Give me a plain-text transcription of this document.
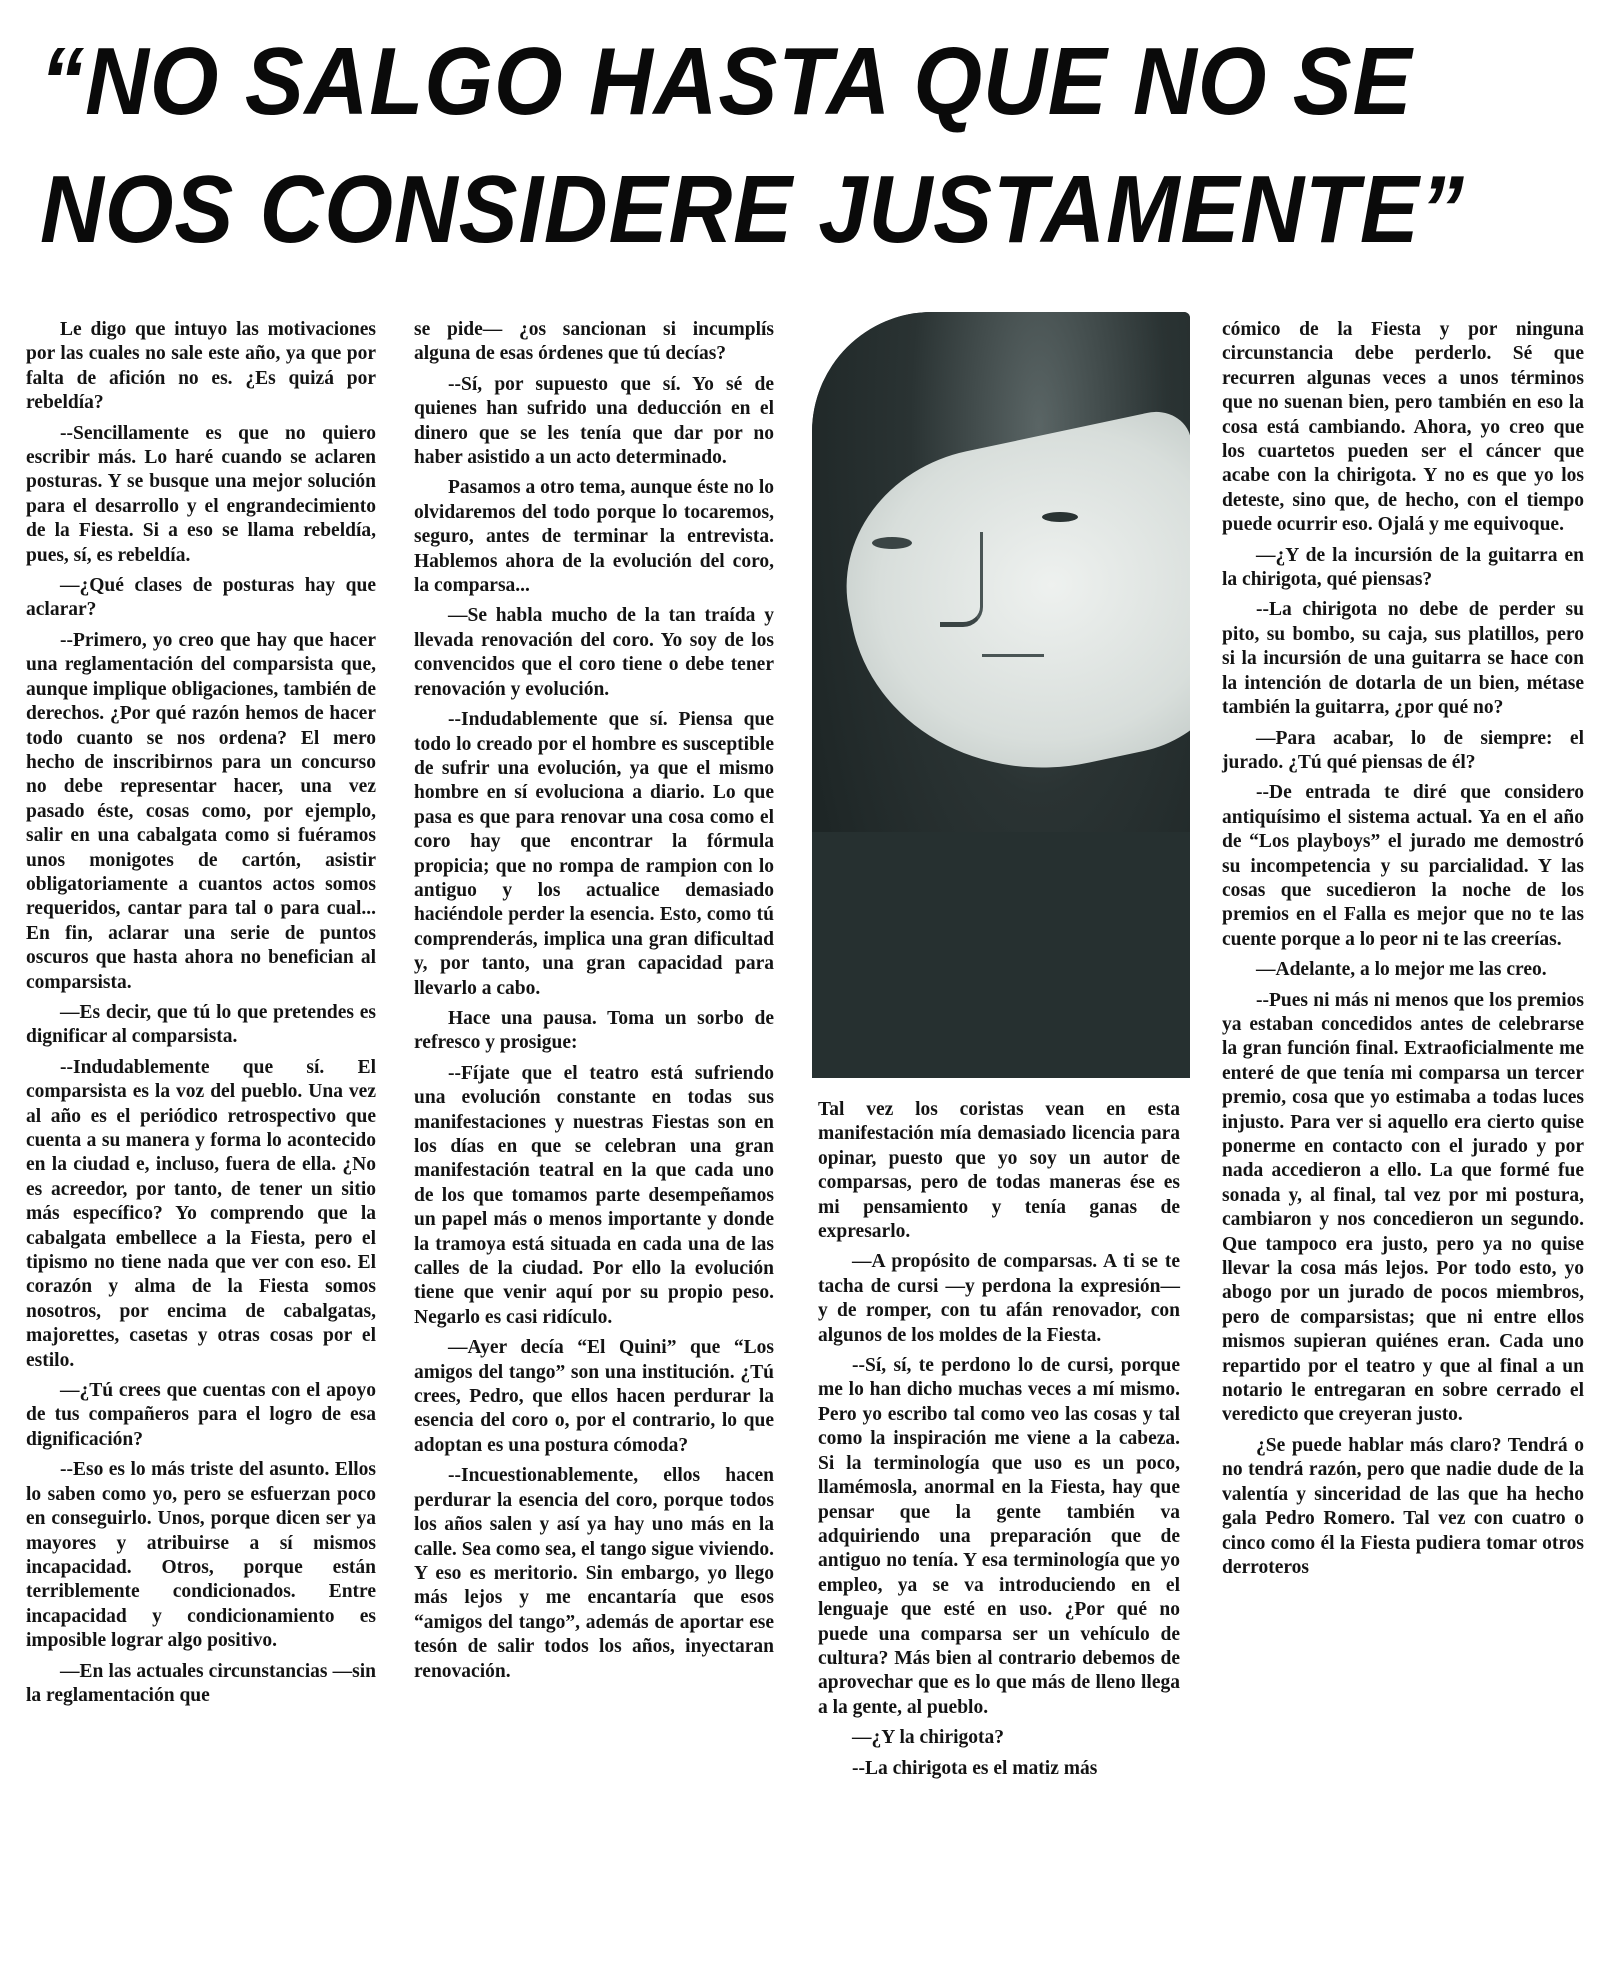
“NO SALGO HASTA QUE NO SE
NOS CONSIDERE JUSTAMENTE”

Le digo que intuyo las motivaciones por las cuales no sale este año, ya que por falta de afición no es. ¿Es quizá por rebeldía?

--Sencillamente es que no quiero escribir más. Lo haré cuando se aclaren posturas. Y se busque una mejor solución para el desarrollo y el engrandecimiento de la Fiesta. Si a eso se llama rebeldía, pues, sí, es rebeldía.

—¿Qué clases de posturas hay que aclarar?

--Primero, yo creo que hay que hacer una reglamentación del comparsista que, aunque implique obligaciones, también de derechos. ¿Por qué razón hemos de hacer todo cuanto se nos ordena? El mero hecho de inscribirnos para un concurso no debe representar hacer, una vez pasado éste, cosas como, por ejemplo, salir en una cabalgata como si fuéramos unos monigotes de cartón, asistir obligatoriamente a cuantos actos somos requeridos, cantar para tal o para cual... En fin, aclarar una serie de puntos oscuros que hasta ahora no benefician al comparsista.

—Es decir, que tú lo que pretendes es dignificar al comparsista.

--Indudablemente que sí. El comparsista es la voz del pueblo. Una vez al año es el periódico retrospectivo que cuenta a su manera y forma lo acontecido en la ciudad e, incluso, fuera de ella. ¿No es acreedor, por tanto, de tener un sitio más específico? Yo comprendo que la cabalgata embellece a la Fiesta, pero el tipismo no tiene nada que ver con eso. El corazón y alma de la Fiesta somos nosotros, por encima de cabalgatas, majorettes, casetas y otras cosas por el estilo.

—¿Tú crees que cuentas con el apoyo de tus compañeros para el logro de esa dignificación?

--Eso es lo más triste del asunto. Ellos lo saben como yo, pero se esfuerzan poco en conseguirlo. Unos, porque dicen ser ya mayores y atribuirse a sí mismos incapacidad. Otros, porque están terriblemente condicionados. Entre incapacidad y condicionamiento es imposible lograr algo positivo.

—En las actuales circunstancias —sin la reglamentación que

se pide— ¿os sancionan si incumplís alguna de esas órdenes que tú decías?

--Sí, por supuesto que sí. Yo sé de quienes han sufrido una deducción en el dinero que se les tenía que dar por no haber asistido a un acto determinado.

Pasamos a otro tema, aunque éste no lo olvidaremos del todo porque lo tocaremos, seguro, antes de terminar la entrevista. Hablemos ahora de la evolución del coro, la comparsa...

—Se habla mucho de la tan traída y llevada renovación del coro. Yo soy de los convencidos que el coro tiene o debe tener renovación y evolución.

--Indudablemente que sí. Piensa que todo lo creado por el hombre es susceptible de sufrir una evolución, ya que el mismo hombre en sí evoluciona a diario. Lo que pasa es que para renovar una cosa como el coro hay que encontrar la fórmula propicia; que no rompa de rampion con lo antiguo y los actualice demasiado haciéndole perder la esencia. Esto, como tú comprenderás, implica una gran dificultad y, por tanto, una gran capacidad para llevarlo a cabo.

Hace una pausa. Toma un sorbo de refresco y prosigue:

--Fíjate que el teatro está sufriendo una evolución constante en todas sus manifestaciones y nuestras Fiestas son en los días en que se celebran una gran manifestación teatral en la que cada uno de los que tomamos parte desempeñamos un papel más o menos importante y donde la tramoya está situada en cada una de las calles de la ciudad. Por ello la evolución tiene que venir aquí por su propio peso. Negarlo es casi ridículo.

—Ayer decía “El Quini” que “Los amigos del tango” son una institución. ¿Tú crees, Pedro, que ellos hacen perdurar la esencia del coro o, por el contrario, lo que adoptan es una postura cómoda?

--Incuestionablemente, ellos hacen perdurar la esencia del coro, porque todos los años salen y así ya hay uno más en la calle. Sea como sea, el tango sigue viviendo. Y eso es meritorio. Sin embargo, yo llego más lejos y me encantaría que esos “amigos del tango”, además de aportar ese tesón de salir todos los años, inyectaran renovación.

Tal vez los coristas vean en esta manifestación mía demasiado licencia para opinar, puesto que yo soy un autor de comparsas, pero de todas maneras ése es mi pensamiento y tenía ganas de expresarlo.

—A propósito de comparsas. A ti se te tacha de cursi —y perdona la expresión— y de romper, con tu afán renovador, con algunos de los moldes de la Fiesta.

--Sí, sí, te perdono lo de cursi, porque me lo han dicho muchas veces a mí mismo. Pero yo escribo tal como veo las cosas y tal como la inspiración me viene a la cabeza. Si la terminología que uso es un poco, llamémosla, anormal en la Fiesta, hay que pensar que la gente también va adquiriendo una preparación que de antiguo no tenía. Y esa terminología que yo empleo, ya se va introduciendo en el lenguaje que esté en uso. ¿Por qué no puede una comparsa ser un vehículo de cultura? Más bien al contrario debemos de aprovechar que es lo que más de lleno llega a la gente, al pueblo.

—¿Y la chirigota?

--La chirigota es el matiz más

cómico de la Fiesta y por ninguna circunstancia debe perderlo. Sé que recurren algunas veces a unos términos que no suenan bien, pero también en eso la cosa está cambiando. Ahora, yo creo que los cuartetos pueden ser el cáncer que acabe con la chirigota. Y no es que yo los deteste, sino que, de hecho, con el tiempo puede ocurrir eso. Ojalá y me equivoque.

—¿Y de la incursión de la guitarra en la chirigota, qué piensas?

--La chirigota no debe de perder su pito, su bombo, su caja, sus platillos, pero si la incursión de una guitarra se hace con la intención de dotarla de un bien, métase también la guitarra, ¿por qué no?

—Para acabar, lo de siempre: el jurado. ¿Tú qué piensas de él?

--De entrada te diré que considero antiquísimo el sistema actual. Ya en el año de “Los playboys” el jurado me demostró su incompetencia y su parcialidad. Y las cosas que sucedieron la noche de los premios en el Falla es mejor que no te las cuente porque a lo peor ni te las creerías.

—Adelante, a lo mejor me las creo.

--Pues ni más ni menos que los premios ya estaban concedidos antes de celebrarse la gran función final. Extraoficialmente me enteré de que tenía mi comparsa un tercer premio, cosa que yo estimaba a todas luces injusto. Para ver si aquello era cierto quise ponerme en contacto con el jurado y por nada accedieron a ello. La que formé fue sonada y, al final, tal vez por mi postura, cambiaron y nos concedieron un segundo. Que tampoco era justo, pero ya no quise llevar la cosa más lejos. Por todo esto, yo abogo por un jurado de pocos miembros, pero de comparsistas; que ni entre ellos mismos supieran quiénes eran. Cada uno repartido por el teatro y que al final a un notario le entregaran en sobre cerrado el veredicto que creyeran justo.

¿Se puede hablar más claro? Tendrá o no tendrá razón, pero que nadie dude de la valentía y sinceridad de las que ha hecho gala Pedro Romero. Tal vez con cuatro o cinco como él la Fiesta pudiera tomar otros derroteros
